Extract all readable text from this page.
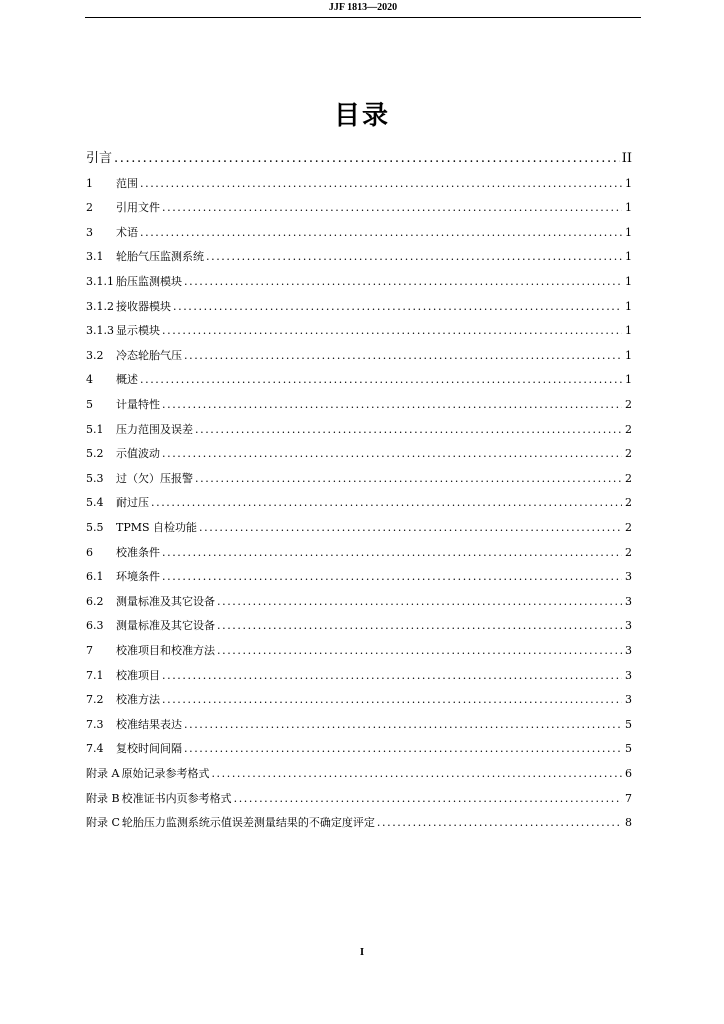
JJF 1813—2020
目录
引言 .....	II
1	范围 .....	1
2	引用文件 .....	1
3	术语 .....	1
3.1	轮胎气压监测系统 .....	1
3.1.1 胎压监测模块 .....	1
3.1.2 接收器模块 .....	1
3.1.3 显示模块 .....	1
3.2	冷态轮胎气压 .....	1
4	概述 .....	1
5	计量特性 .....	2
5.1	压力范围及误差 .....	2
5.2	示值波动 .....	2
5.3	过（欠）压报警 .....	2
5.4	耐过压 .....	2
5.5	TPMS 自检功能 .....	2
6	校准条件 .....	2
6.1	环境条件 .....	3
6.2	测量标准及其它设备 .....	3
6.3	测量标准及其它设备 .....	3
7	校准项目和校准方法 .....	3
7.1	校准项目 .....	3
7.2	校准方法 .....	3
7.3	校准结果表达 .....	5
7.4	复校时间间隔 .....	5
附录 A 原始记录参考格式 .....	6
附录 B 校准证书内页参考格式 .....	7
附录 C 轮胎压力监测系统示值误差测量结果的不确定度评定 .....	8
I
